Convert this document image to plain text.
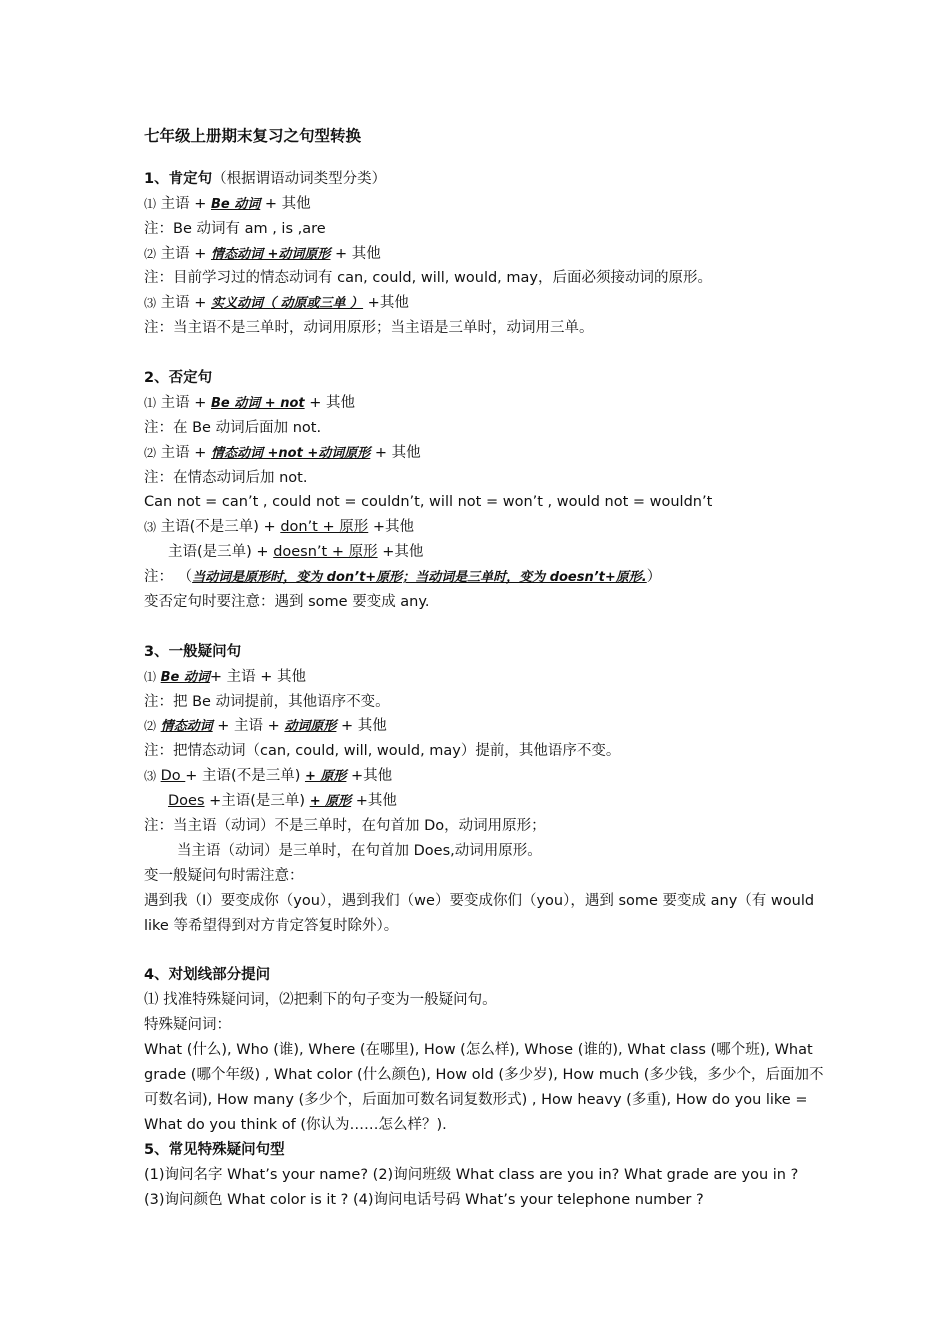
七年级上册期末复习之句型转换
1、肯定句（根据谓语动词类型分类）
⑴ 主语 + Be 动词 + 其他
注：Be 动词有 am , is ,are
⑵ 主语 + 情态动词 +动词原形 + 其他
注：目前学习过的情态动词有 can, could, will, would, may，后面必须接动词的原形。
⑶ 主语 + 实义动词（ 动原或三单 ） +其他
注：当主语不是三单时，动词用原形；当主语是三单时，动词用三单。
2、否定句
⑴ 主语 + Be 动词 + not + 其他
注：在 Be 动词后面加 not.
⑵ 主语 + 情态动词 +not +动词原形 + 其他
注：在情态动词后加 not.
Can not = can’t , could not = couldn’t, will not = won’t , would not = wouldn’t
⑶ 主语(不是三单) + don’t + 原形 +其他
主语(是三单) + doesn’t + 原形 +其他
注： （当动词是原形时，变为 don’t+原形；当动词是三单时，变为 doesn’t+原形.）
变否定句时要注意：遇到 some 要变成 any.
3、一般疑问句
⑴ Be 动词+ 主语 + 其他
注：把 Be 动词提前，其他语序不变。
⑵ 情态动词 + 主语 + 动词原形 + 其他
注：把情态动词（can, could, will, would, may）提前，其他语序不变。
⑶ Do + 主语(不是三单) + 原形 +其他
Does +主语(是三单) + 原形 +其他
注：当主语（动词）不是三单时，在句首加 Do，动词用原形；
当主语（动词）是三单时，在句首加 Does,动词用原形。
变一般疑问句时需注意：
遇到我（I）要变成你（you），遇到我们（we）要变成你们（you），遇到 some 要变成 any（有 would like 等希望得到对方肯定答复时除外）。
4、对划线部分提问
⑴ 找准特殊疑问词，⑵把剩下的句子变为一般疑问句。
特殊疑问词：
What (什么), Who (谁), Where (在哪里), How (怎么样), Whose (谁的), What class (哪个班), What grade (哪个年级) , What color (什么颜色), How old (多少岁), How much (多少钱，多少个，后面加不可数名词), How many (多少个，后面加可数名词复数形式) , How heavy (多重), How do you like = What do you think of (你认为……怎么样？).
5、常见特殊疑问句型
(1)询问名字 What’s your name? (2)询问班级 What class are you in? What grade are you in ?
(3)询问颜色 What color is it ? (4)询问电话号码 What’s your telephone number ?
